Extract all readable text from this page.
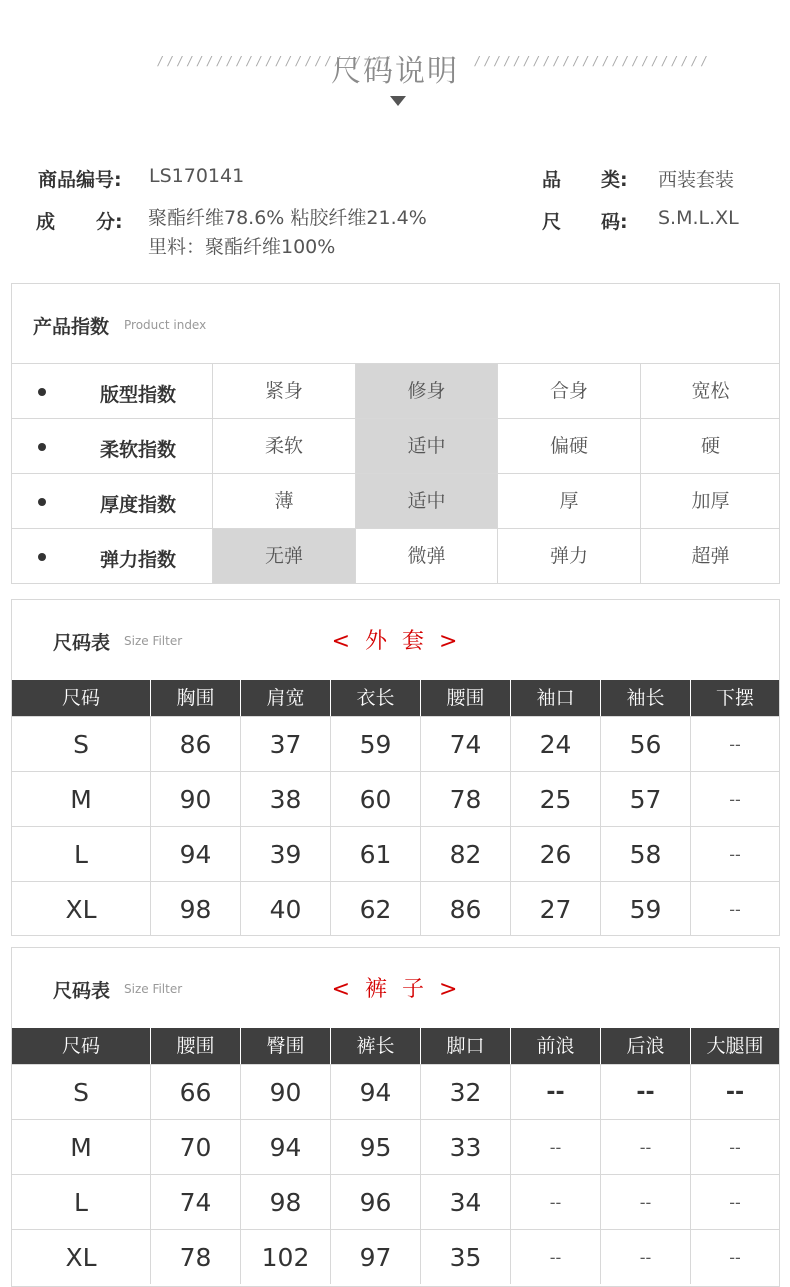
/ / / / / / / / / / / / / / / / / / / / / / / /
尺码说明	/ / / / / / / / / / / / / / / / / / / / / / / /
商品编号: LS170141	品 类: 西装套装
成 分: 聚酯纤维78.6% 粘胶纤维21.4%
里料：聚酯纤维100%
尺 码: S.M.L.XL
产品指数 Product index
版型指数	紧身	修身	合身	宽松
柔软指数	柔软	适中	偏硬	硬
厚度指数	薄	适中	厚	加厚
弹力指数	无弹	微弹	弹力	超弹
尺码表 Size Filter	< 外 套 >
尺码	胸围	肩宽	衣长	腰围	袖口	袖长	下摆
S	86	37	59	74	24	56	--
M	90	38	60	78	25	57	--
L	94	39	61	82	26	58	--
XL	98	40	62	86	27	59	--
尺码表 Size Filter	< 裤 子 >
尺码	腰围	臀围	裤长	脚口	前浪	后浪	大腿围
S	66	90	94	32	--	--	--
M	70	94	95	33	--	--	--
L	74	98	96	34	--	--	--
XL	78	102	97	35	--	--	--
